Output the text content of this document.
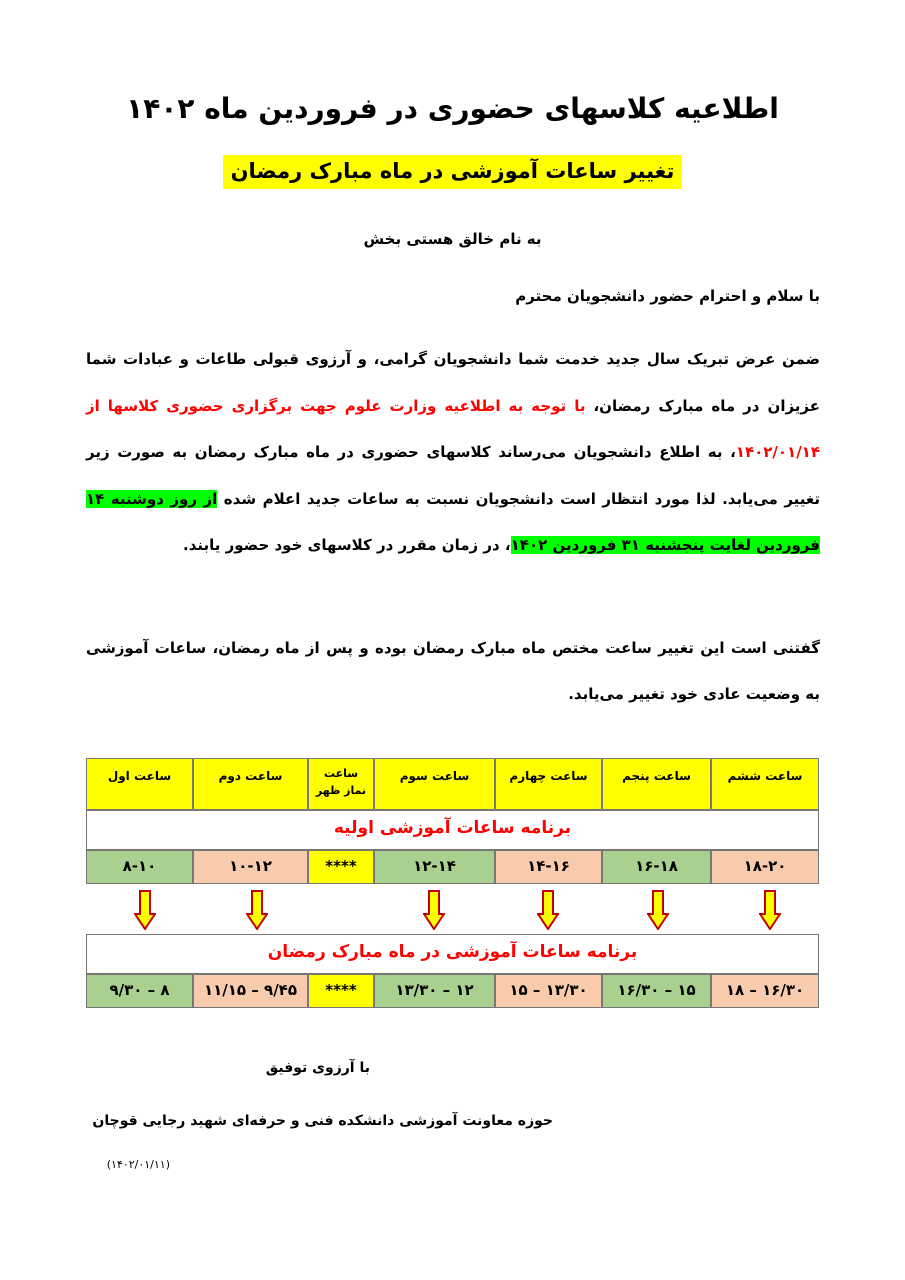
اطلاعیه کلاسهای حضوری در فروردین ماه ۱۴۰۲
تغییر ساعات آموزشی در ماه مبارک رمضان
به نام خالق هستی بخش
با سلام و احترام حضور دانشجویان محترم
ضمن عرض تبریک سال جدید خدمت شما دانشجویان گرامی، و آرزوی قبولی طاعات و عبادات شما عزیزان در ماه مبارک رمضان، با توجه به اطلاعیه وزارت علوم جهت برگزاری حضوری کلاسها از ۱۴۰۲/۰۱/۱۴، به اطلاع دانشجویان می‌رساند کلاسهای حضوری در ماه مبارک رمضان به صورت زیر تغییر می‌یابد. لذا مورد انتظار است دانشجویان نسبت به ساعات جدید اعلام شده از روز دوشنبه ۱۴ فروردین لغایت پنجشنبه ۳۱ فروردین ۱۴۰۲، در زمان مقرر در کلاسهای خود حضور یابند.
گفتنی است این تغییر ساعت مختص ماه مبارک رمضان بوده و پس از ماه رمضان، ساعات آموزشی به وضعیت عادی خود تغییر می‌یابد.
ساعت ششم
ساعت پنجم
ساعت چهارم
ساعت سوم
ساعت
نماز ظهر
ساعت دوم
ساعت اول
برنامه ساعات آموزشی اولیه
۱۸-۲۰
۱۶-۱۸
۱۴-۱۶
۱۲-۱۴
****
۱۰-۱۲
۸-۱۰
برنامه ساعات آموزشی در ماه مبارک رمضان
۱۶/۳۰ – ۱۸
۱۵ – ۱۶/۳۰
۱۳/۳۰ – ۱۵
۱۲ – ۱۳/۳۰
****
۹/۴۵ – ۱۱/۱۵
۸ – ۹/۳۰
با آرزوی توفیق
حوزه معاونت آموزشی دانشکده فنی و حرفه‌ای شهید رجایی قوچان
(۱۴۰۲/۰۱/۱۱)
